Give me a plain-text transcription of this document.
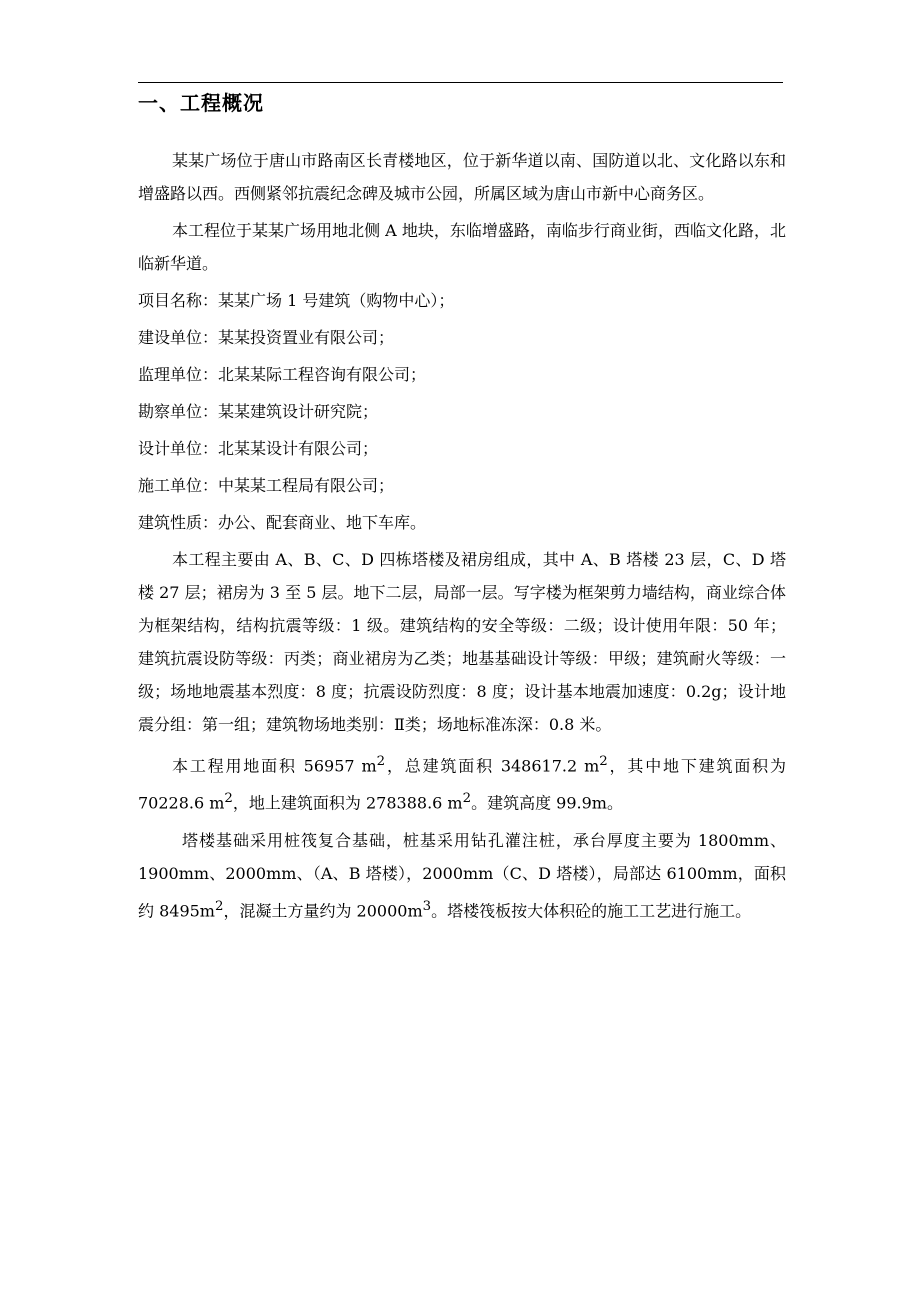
一、工程概况

某某广场位于唐山市路南区长青楼地区，位于新华道以南、国防道以北、文化路以东和增盛路以西。西侧紧邻抗震纪念碑及城市公园，所属区域为唐山市新中心商务区。

本工程位于某某广场用地北侧 A 地块，东临增盛路，南临步行商业街，西临文化路，北临新华道。

项目名称：某某广场 1 号建筑（购物中心）；

建设单位：某某投资置业有限公司；

监理单位：北某某际工程咨询有限公司；

勘察单位：某某建筑设计研究院；

设计单位：北某某设计有限公司；

施工单位：中某某工程局有限公司；

建筑性质：办公、配套商业、地下车库。

本工程主要由 A、B、C、D 四栋塔楼及裙房组成，其中 A、B 塔楼 23 层，C、D 塔楼 27 层；裙房为 3 至 5 层。地下二层，局部一层。写字楼为框架剪力墙结构，商业综合体为框架结构，结构抗震等级：1 级。建筑结构的安全等级：二级；设计使用年限：50 年；建筑抗震设防等级：丙类；商业裙房为乙类；地基基础设计等级：甲级；建筑耐火等级：一级；场地地震基本烈度：8 度；抗震设防烈度：8 度；设计基本地震加速度：0.2g；设计地震分组：第一组；建筑物场地类别：Ⅱ类；场地标准冻深：0.8 米。

本工程用地面积 56957 $m^2$，总建筑面积 348617.2 $m^2$，其中地下建筑面积为 70228.6 $m^2$，地上建筑面积为 278388.6 $m^2$。建筑高度 99.9m。

塔楼基础采用桩筏复合基础，桩基采用钻孔灌注桩，承台厚度主要为 1800mm、1900mm、2000mm、（A、B 塔楼），2000mm（C、D 塔楼），局部达 6100mm，面积约 $8495m^2$，混凝土方量约为 $20000m^3$。塔楼筏板按大体积砼的施工工艺进行施工。
